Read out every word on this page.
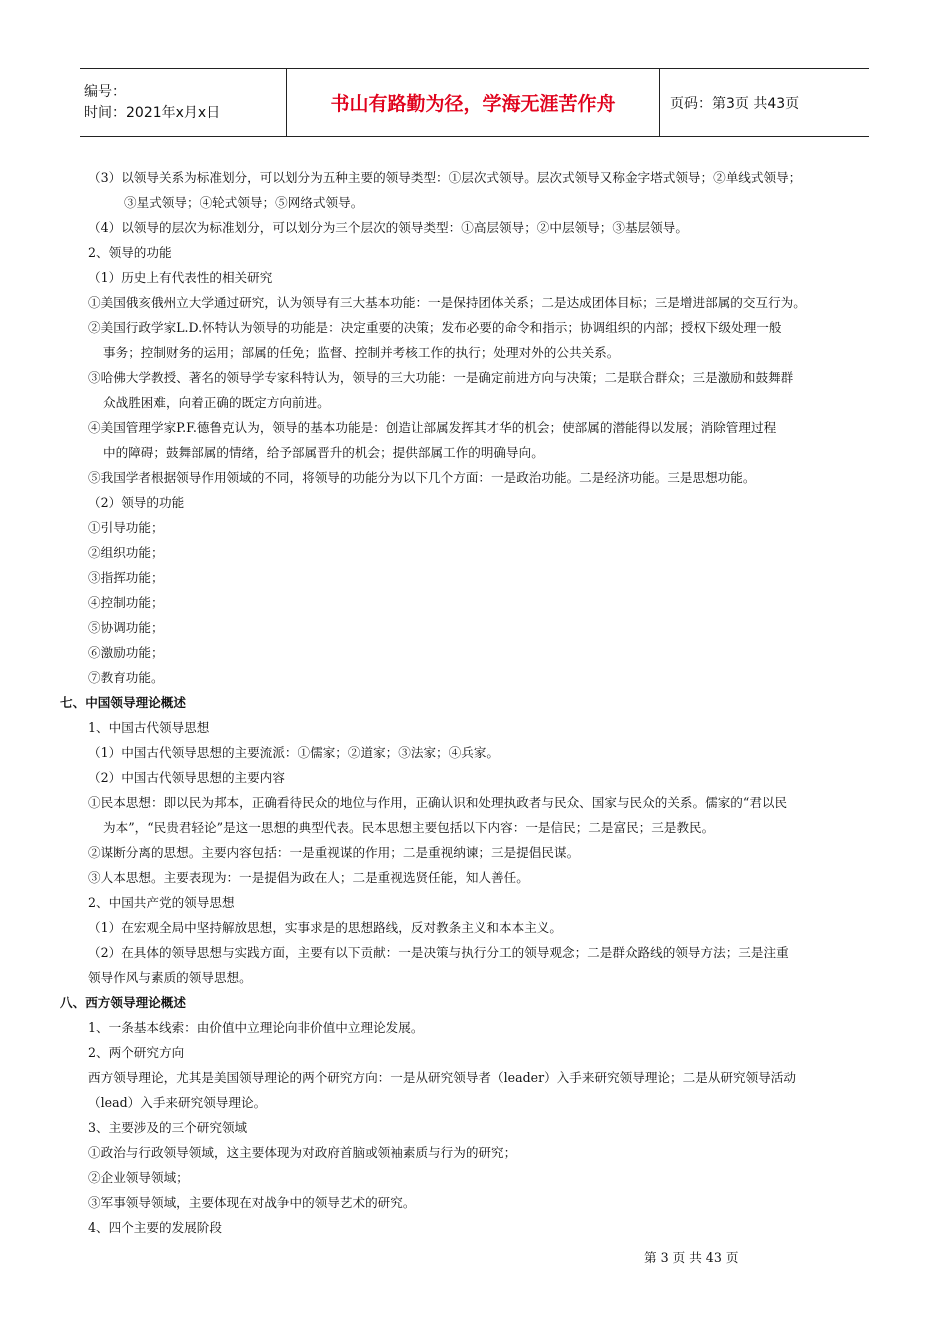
编号：
时间：2021年x月x日	书山有路勤为径，学海无涯苦作舟	页码：第3页 共43页
（3）以领导关系为标准划分，可以划分为五种主要的领导类型：①层次式领导。层次式领导又称金字塔式领导；②单线式领导；
③星式领导；④轮式领导；⑤网络式领导。
（4）以领导的层次为标准划分，可以划分为三个层次的领导类型：①高层领导；②中层领导；③基层领导。
2、领导的功能
（1）历史上有代表性的相关研究
①美国俄亥俄州立大学通过研究，认为领导有三大基本功能：一是保持团体关系；二是达成团体目标；三是增进部属的交互行为。
②美国行政学家L.D.怀特认为领导的功能是：决定重要的决策；发布必要的命令和指示；协调组织的内部；授权下级处理一般
事务；控制财务的运用；部属的任免；监督、控制并考核工作的执行；处理对外的公共关系。
③哈佛大学教授、著名的领导学专家科特认为，领导的三大功能：一是确定前进方向与决策；二是联合群众；三是激励和鼓舞群
众战胜困难，向着正确的既定方向前进。
④美国管理学家P.F.德鲁克认为，领导的基本功能是：创造让部属发挥其才华的机会；使部属的潜能得以发展；消除管理过程
中的障碍；鼓舞部属的情绪，给予部属晋升的机会；提供部属工作的明确导向。
⑤我国学者根据领导作用领域的不同，将领导的功能分为以下几个方面：一是政治功能。二是经济功能。三是思想功能。
（2）领导的功能
①引导功能；
②组织功能；
③指挥功能；
④控制功能；
⑤协调功能；
⑥激励功能；
⑦教育功能。
七、中国领导理论概述
1、中国古代领导思想
（1）中国古代领导思想的主要流派：①儒家；②道家；③法家；④兵家。
（2）中国古代领导思想的主要内容
①民本思想：即以民为邦本，正确看待民众的地位与作用，正确认识和处理执政者与民众、国家与民众的关系。儒家的“君以民
为本”，“民贵君轻论”是这一思想的典型代表。民本思想主要包括以下内容：一是信民；二是富民；三是教民。
②谋断分离的思想。主要内容包括：一是重视谋的作用；二是重视纳谏；三是提倡民谋。
③人本思想。主要表现为：一是提倡为政在人；二是重视选贤任能，知人善任。
2、中国共产党的领导思想
（1）在宏观全局中坚持解放思想，实事求是的思想路线，反对教条主义和本本主义。
（2）在具体的领导思想与实践方面，主要有以下贡献：一是决策与执行分工的领导观念；二是群众路线的领导方法；三是注重
领导作风与素质的领导思想。
八、西方领导理论概述
1、一条基本线索：由价值中立理论向非价值中立理论发展。
2、两个研究方向
西方领导理论，尤其是美国领导理论的两个研究方向：一是从研究领导者（leader）入手来研究领导理论；二是从研究领导活动
（lead）入手来研究领导理论。
3、主要涉及的三个研究领域
①政治与行政领导领域，这主要体现为对政府首脑或领袖素质与行为的研究；
②企业领导领域；
③军事领导领域，主要体现在对战争中的领导艺术的研究。
4、四个主要的发展阶段
第 3 页 共 43 页
